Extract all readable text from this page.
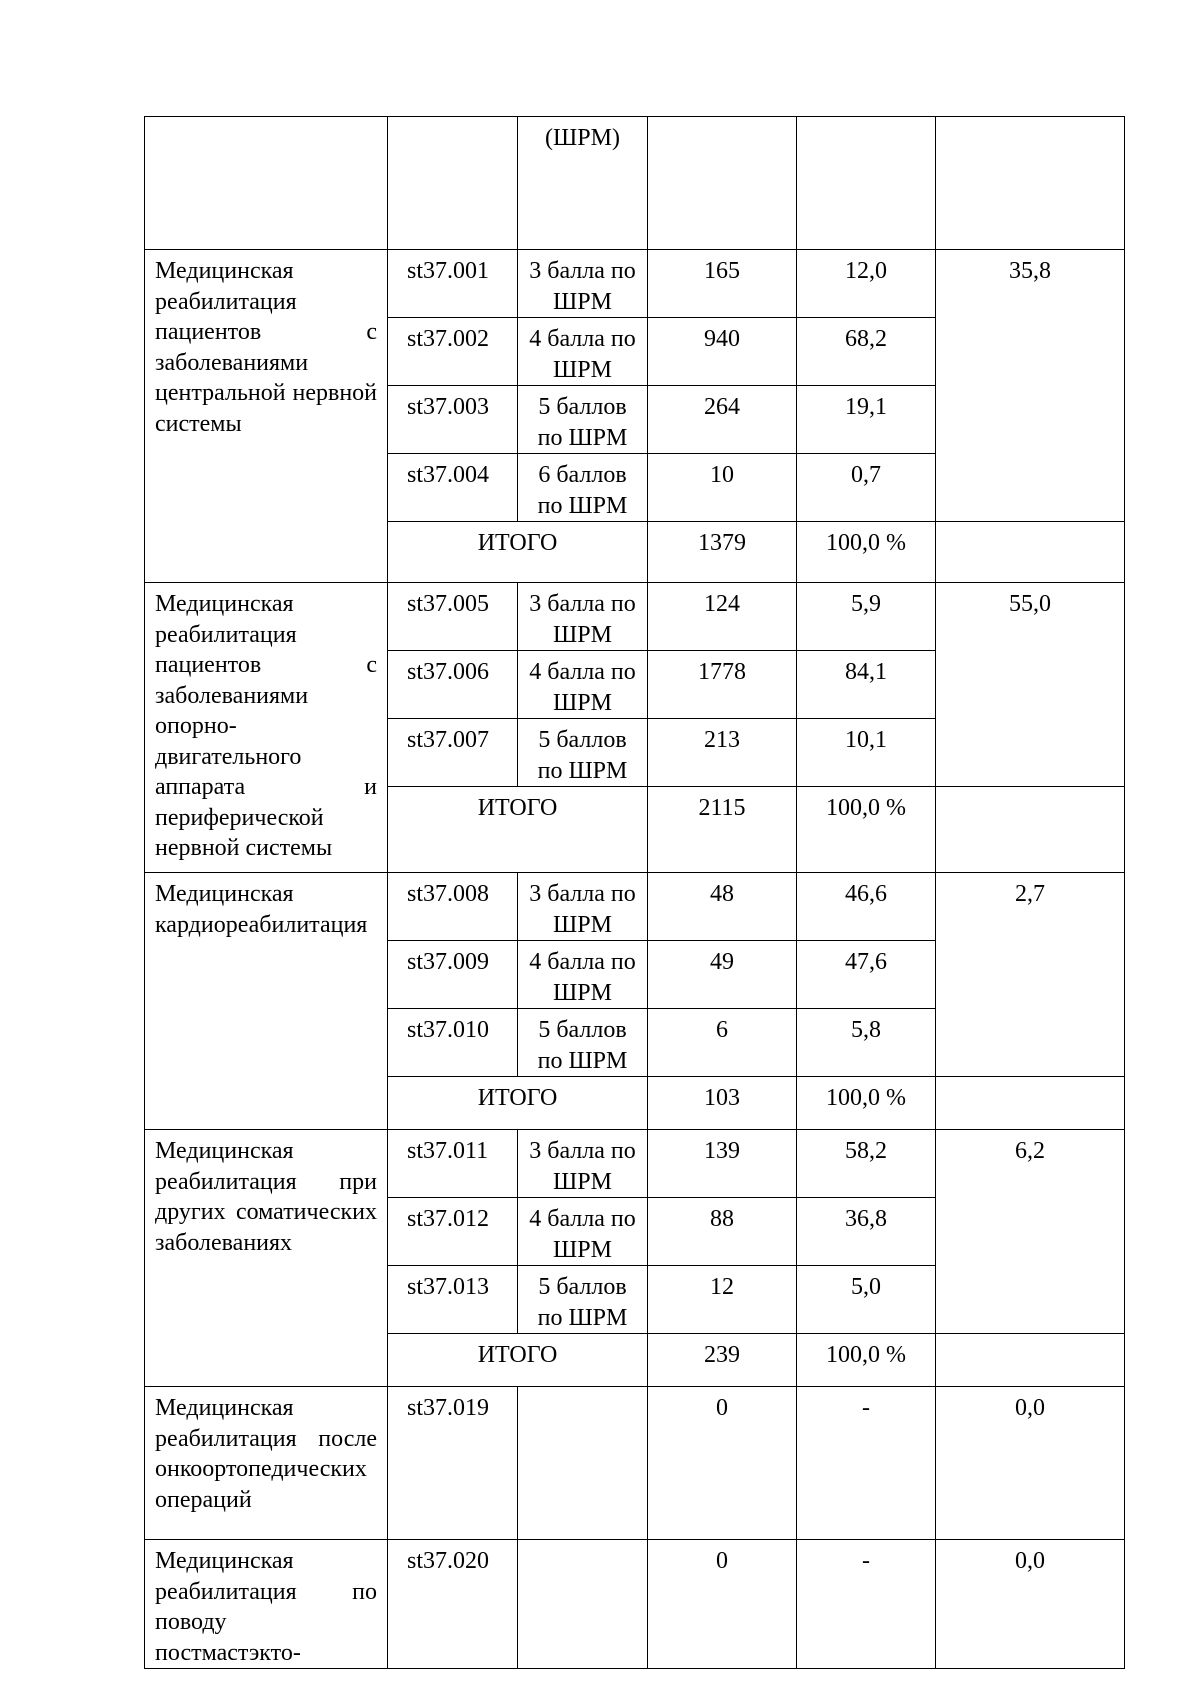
		(ШРМ)			
Медицинская реабилитация пациентов с заболеваниями центральной нервной системы	st37.001	3 балла по ШРМ	165	12,0	35,8
	st37.002	4 балла по ШРМ	940	68,2	
	st37.003	5 баллов по ШРМ	264	19,1	
	st37.004	6 баллов по ШРМ	10	0,7	
	ИТОГО		1379	100,0 %	
Медицинская реабилитация пациентов с заболеваниями опорно-двигательного аппарата и периферической нервной системы	st37.005	3 балла по ШРМ	124	5,9	55,0
	st37.006	4 балла по ШРМ	1778	84,1	
	st37.007	5 баллов по ШРМ	213	10,1	
	ИТОГО		2115	100,0 %	
Медицинская кардиореабилитация	st37.008	3 балла по ШРМ	48	46,6	2,7
	st37.009	4 балла по ШРМ	49	47,6	
	st37.010	5 баллов по ШРМ	6	5,8	
	ИТОГО		103	100,0 %	
Медицинская реабилитация при других соматических заболеваниях	st37.011	3 балла по ШРМ	139	58,2	6,2
	st37.012	4 балла по ШРМ	88	36,8	
	st37.013	5 баллов по ШРМ	12	5,0	
	ИТОГО		239	100,0 %	
Медицинская реабилитация после онкоортопедических операций	st37.019		0	-	0,0
Медицинская реабилитация по поводу постмастэкто-	st37.020		0	-	0,0
